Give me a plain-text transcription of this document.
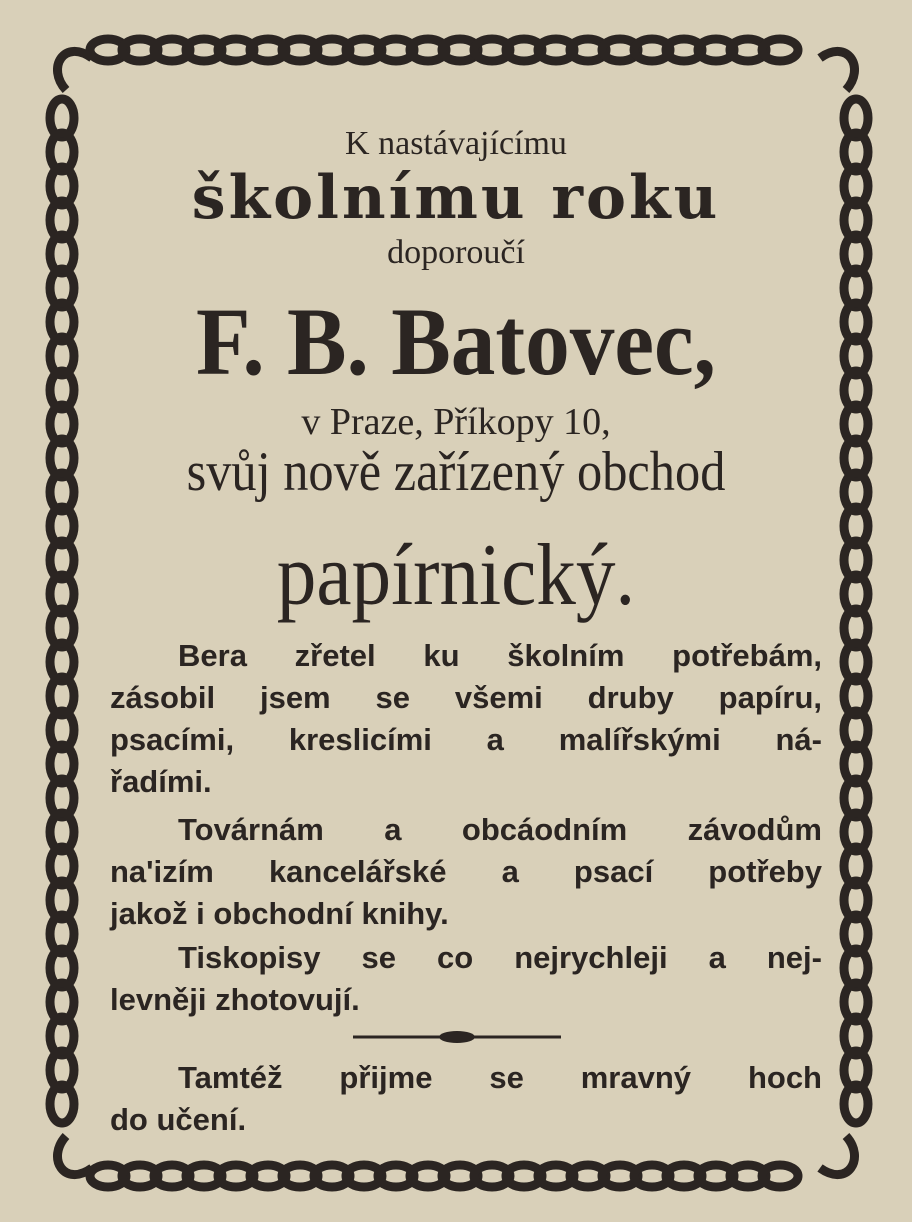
K nastávajícímu
školnímu roku
doporoučí
F. B. Batovec,
v Praze, Příkopy 10,
svůj nově zařízený obchod
papírnický.
Bera zřetel ku školním potřebám,
zásobil jsem se všemi druby papíru,
psacími, kreslicími a malířskými ná-
řadími.
Továrnám a obcáodním závodům
na'izím kancelářské a psací potřeby
jakož i obchodní knihy.
Tiskopisy se co nejrychleji a nej-
levněji zhotovují.
Tamtéž přijme se mravný hoch
do učení.
